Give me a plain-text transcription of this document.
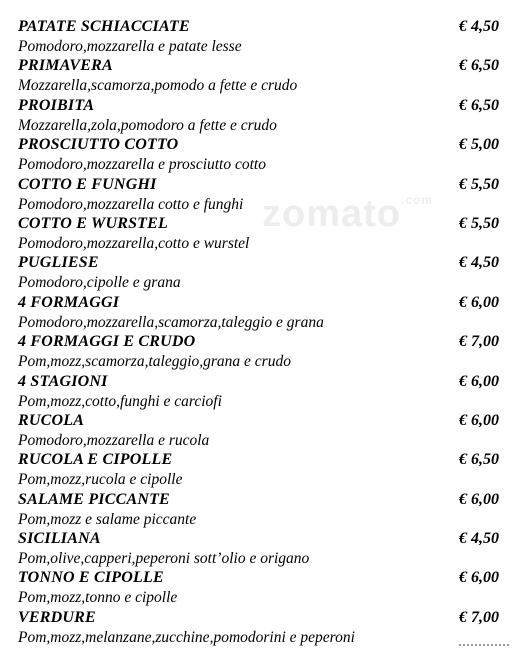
zomato$^{.com}$
PATATE SCHIACCIATE	€ 4,50
Pomodoro,mozzarella e patate lesse
PRIMAVERA	€ 6,50
Mozzarella,scamorza,pomodo a fette e crudo
PROIBITA	€ 6,50
Mozzarella,zola,pomodoro a fette e crudo
PROSCIUTTO COTTO	€ 5,00
Pomodoro,mozzarella e prosciutto cotto
COTTO E FUNGHI	€ 5,50
Pomodoro,mozzarella cotto e funghi
COTTO E WURSTEL	€ 5,50
Pomodoro,mozzarella,cotto e wurstel
PUGLIESE	€ 4,50
Pomodoro,cipolle e grana
4 FORMAGGI	€ 6,00
Pomodoro,mozzarella,scamorza,taleggio e grana
4 FORMAGGI E CRUDO	€ 7,00
Pom,mozz,scamorza,taleggio,grana e crudo
4 STAGIONI	€ 6,00
Pom,mozz,cotto,funghi e carciofi
RUCOLA	€ 6,00
Pomodoro,mozzarella e rucola
RUCOLA E CIPOLLE	€ 6,50
Pom,mozz,rucola e cipolle
SALAME PICCANTE	€ 6,00
Pom,mozz e salame piccante
SICILIANA	€ 4,50
Pom,olive,capperi,peperoni sott’olio e origano
TONNO E CIPOLLE	€ 6,00
Pom,mozz,tonno e cipolle
VERDURE	€ 7,00
Pom,mozz,melanzane,zucchine,pomodorini e peperoni
